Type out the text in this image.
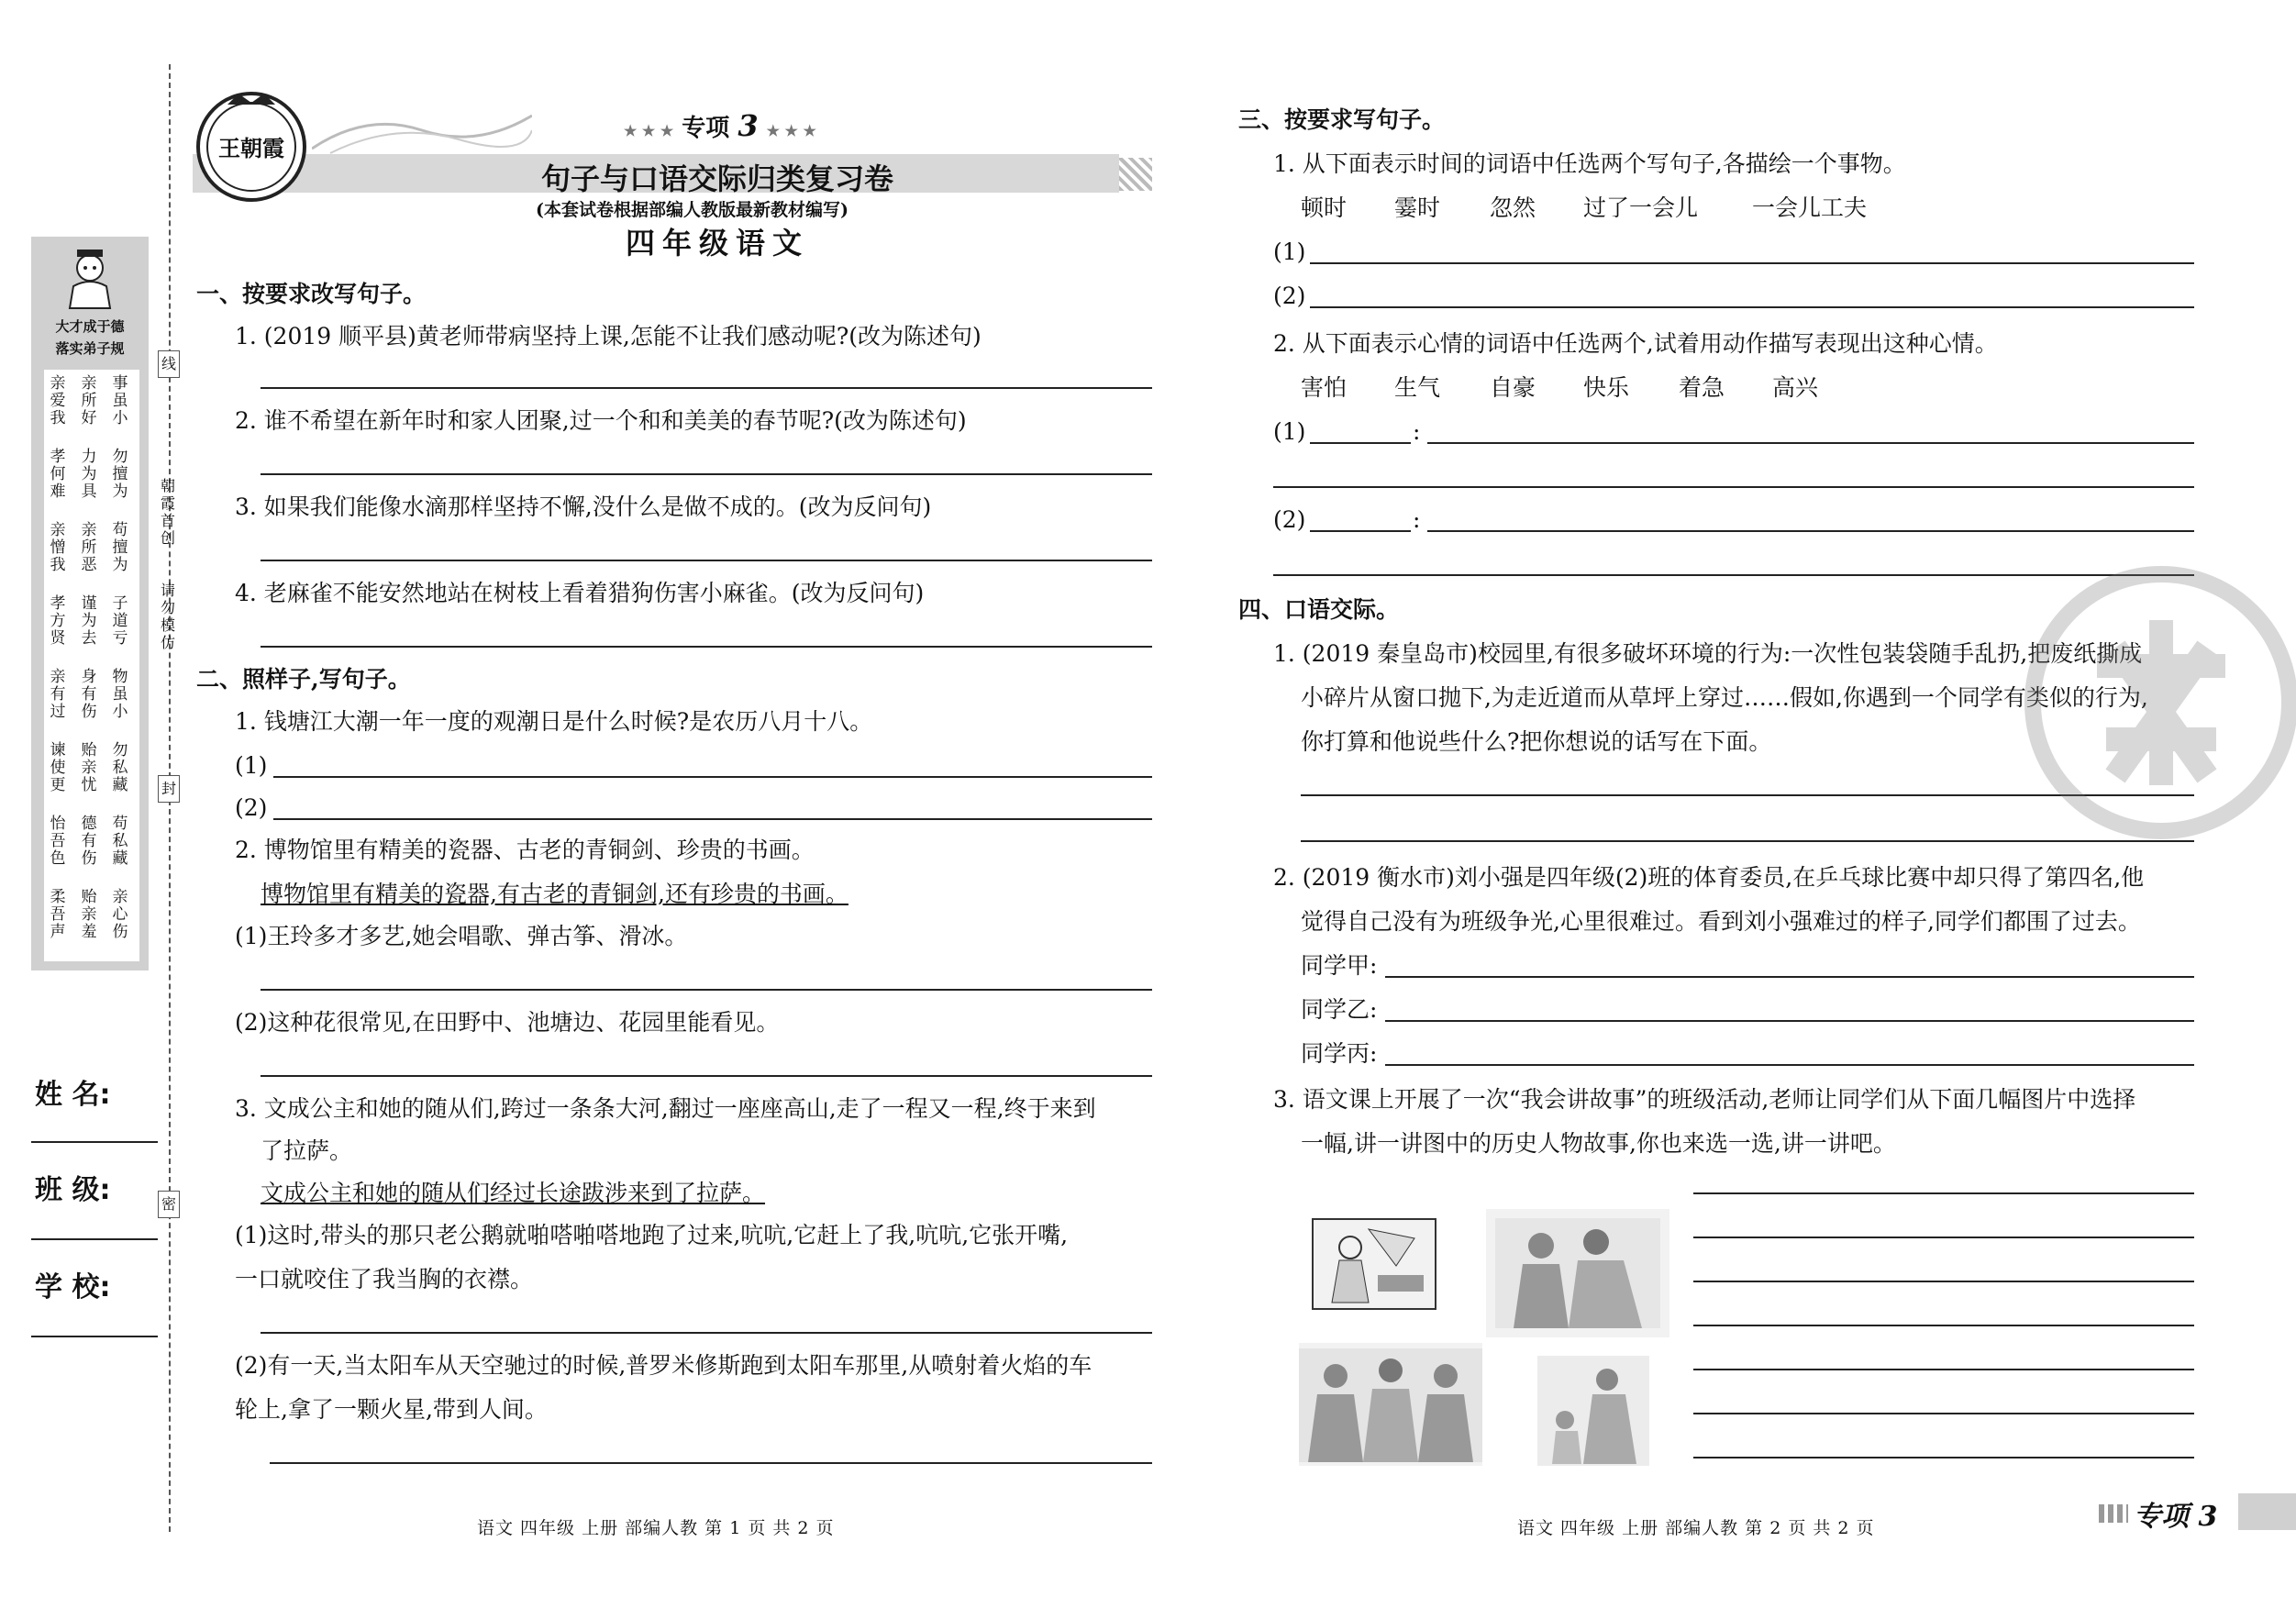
大才成于德
落实弟子规
亲
爱
我
亲
所
好
事
虽
小
孝
何
难
力
为
具
勿
擅
为
亲
憎
我
亲
所
恶
苟
擅
为
孝
方
贤
谨
为
去
子
道
亏
亲
有
过
身
有
伤
物
虽
小
谏
使
更
贻
亲
忧
勿
私
藏
怡
吾
色
德
有
伤
苟
私
藏
柔
吾
声
贻
亲
羞
亲
心
伤
线
封
密
朝
霞
首
创

请
勿
模
仿
姓 名:
班 级:
学 校:
王朝霞
★ ★ ★ 专项 3 ★ ★ ★
句子与口语交际归类复习卷
(本套试卷根据部编人教版最新教材编写)
四年级语文
一、按要求改写句子。
1. (2019 顺平县)黄老师带病坚持上课,怎能不让我们感动呢?(改为陈述句)
2. 谁不希望在新年时和家人团聚,过一个和和美美的春节呢?(改为陈述句)
3. 如果我们能像水滴那样坚持不懈,没什么是做不成的。(改为反问句)
4. 老麻雀不能安然地站在树枝上看着猎狗伤害小麻雀。(改为反问句)
二、照样子,写句子。
1. 钱塘江大潮一年一度的观潮日是什么时候?是农历八月十八。
(1)
(2)
2. 博物馆里有精美的瓷器、古老的青铜剑、珍贵的书画。
博物馆里有精美的瓷器,有古老的青铜剑,还有珍贵的书画。
(1)王玲多才多艺,她会唱歌、弹古筝、滑冰。
(2)这种花很常见,在田野中、池塘边、花园里能看见。
3. 文成公主和她的随从们,跨过一条条大河,翻过一座座高山,走了一程又一程,终于来到
了拉萨。
文成公主和她的随从们经过长途跋涉来到了拉萨。
(1)这时,带头的那只老公鹅就啪嗒啪嗒地跑了过来,吭吭,它赶上了我,吭吭,它张开嘴,
一口就咬住了我当胸的衣襟。
(2)有一天,当太阳车从天空驰过的时候,普罗米修斯跑到太阳车那里,从喷射着火焰的车
轮上,拿了一颗火星,带到人间。
语文 四年级 上册 部编人教 第 1 页 共 2 页
三、按要求写句子。
1. 从下面表示时间的词语中任选两个写句子,各描绘一个事物。
顿时 霎时 忽然 过了一会儿 一会儿工夫
(1)
(2)
2. 从下面表示心情的词语中任选两个,试着用动作描写表现出这种心情。
害怕 生气 自豪 快乐 着急 高兴
(1)	:
(2)	:
四、口语交际。
1. (2019 秦皇岛市)校园里,有很多破坏环境的行为:一次性包装袋随手乱扔,把废纸撕成
小碎片从窗口抛下,为走近道而从草坪上穿过……假如,你遇到一个同学有类似的行为,
你打算和他说些什么?把你想说的话写在下面。
2. (2019 衡水市)刘小强是四年级(2)班的体育委员,在乒乓球比赛中却只得了第四名,他
觉得自己没有为班级争光,心里很难过。看到刘小强难过的样子,同学们都围了过去。
同学甲:
同学乙:
同学丙:
3. 语文课上开展了一次“我会讲故事”的班级活动,老师让同学们从下面几幅图片中选择
一幅,讲一讲图中的历史人物故事,你也来选一选,讲一讲吧。
语文 四年级 上册 部编人教 第 2 页 共 2 页	专项 3
